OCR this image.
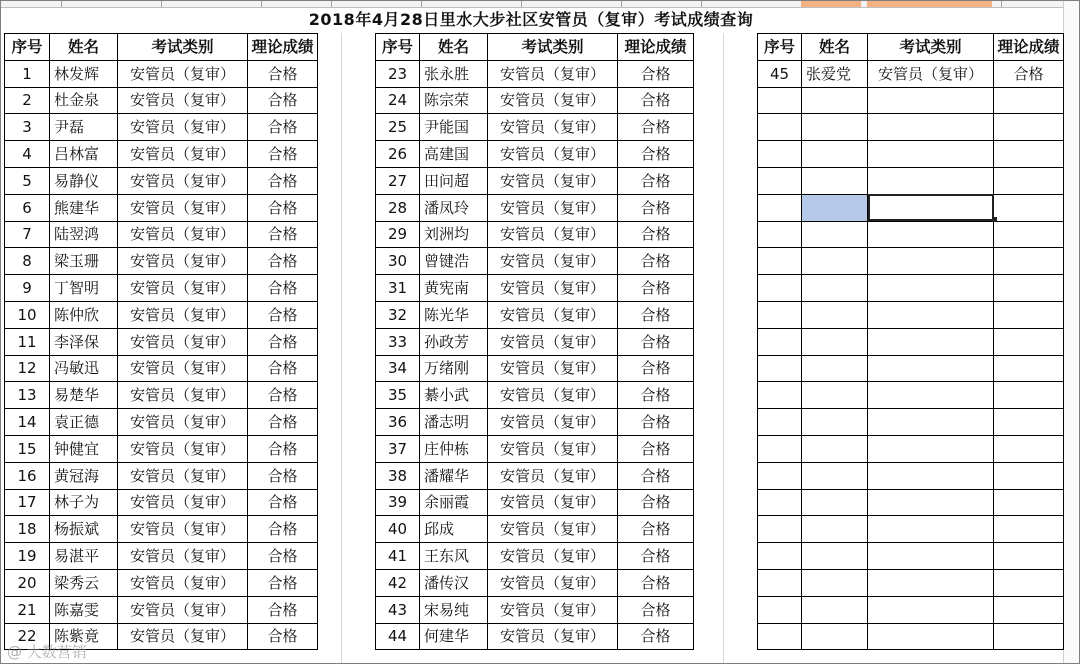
2018年4月28日里水大步社区安管员（复审）考试成绩查询
序号	姓名	考试类别	理论成绩
1	林发辉	安管员（复审）	合格
2	杜金泉	安管员（复审）	合格
3	尹磊	安管员（复审）	合格
4	吕林富	安管员（复审）	合格
5	易静仪	安管员（复审）	合格
6	熊建华	安管员（复审）	合格
7	陆翌鸿	安管员（复审）	合格
8	梁玉珊	安管员（复审）	合格
9	丁智明	安管员（复审）	合格
10	陈仲欣	安管员（复审）	合格
11	李泽保	安管员（复审）	合格
12	冯敏迅	安管员（复审）	合格
13	易楚华	安管员（复审）	合格
14	袁正德	安管员（复审）	合格
15	钟健宜	安管员（复审）	合格
16	黄冠海	安管员（复审）	合格
17	林子为	安管员（复审）	合格
18	杨振斌	安管员（复审）	合格
19	易湛平	安管员（复审）	合格
20	梁秀云	安管员（复审）	合格
21	陈嘉雯	安管员（复审）	合格
22	陈紫竟	安管员（复审）	合格
序号	姓名	考试类别	理论成绩
23	张永胜	安管员（复审）	合格
24	陈宗荣	安管员（复审）	合格
25	尹能国	安管员（复审）	合格
26	高建国	安管员（复审）	合格
27	田问超	安管员（复审）	合格
28	潘凤玲	安管员（复审）	合格
29	刘洲均	安管员（复审）	合格
30	曾键浩	安管员（复审）	合格
31	黄宪南	安管员（复审）	合格
32	陈光华	安管员（复审）	合格
33	孙政芳	安管员（复审）	合格
34	万绪刚	安管员（复审）	合格
35	綦小武	安管员（复审）	合格
36	潘志明	安管员（复审）	合格
37	庄仲栋	安管员（复审）	合格
38	潘耀华	安管员（复审）	合格
39	余丽霞	安管员（复审）	合格
40	邱成	安管员（复审）	合格
41	王东风	安管员（复审）	合格
42	潘传汉	安管员（复审）	合格
43	宋易纯	安管员（复审）	合格
44	何建华	安管员（复审）	合格
序号	姓名	考试类别	理论成绩
45	张爱党	安管员（复审）	合格

@ 大数营销
